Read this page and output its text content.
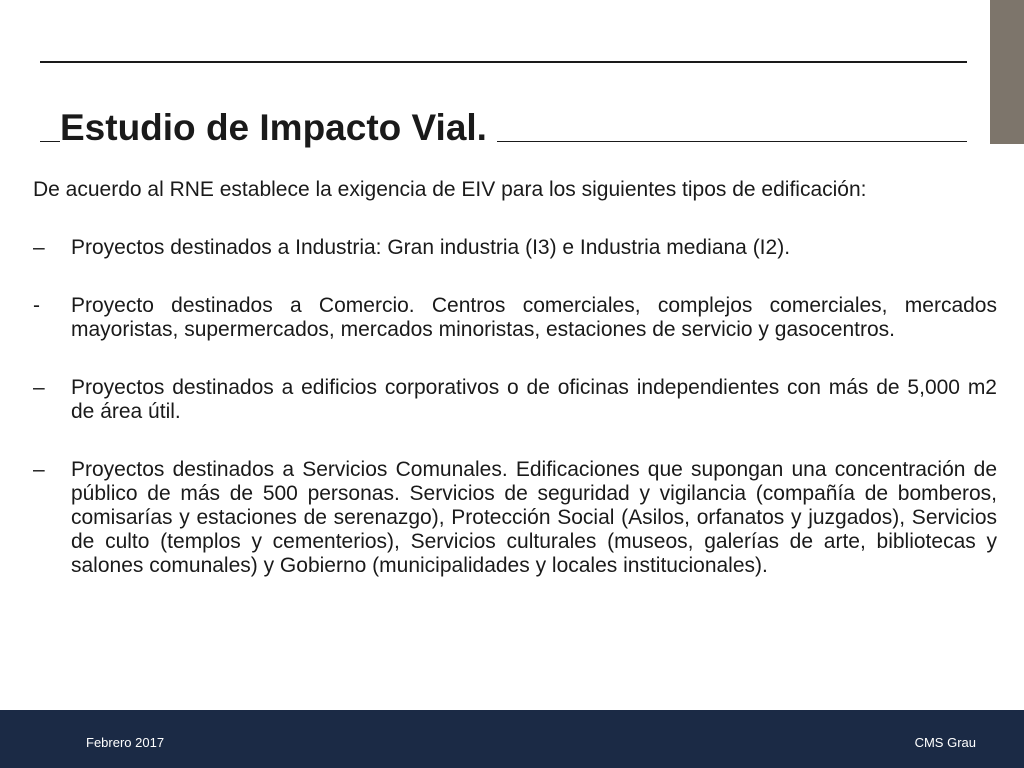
Estudio de Impacto Vial.

De acuerdo al RNE establece la exigencia de EIV para los siguientes tipos de edificación:

–	Proyectos destinados a Industria: Gran industria (I3) e Industria mediana (I2).
-	Proyecto destinados a Comercio. Centros comerciales, complejos comerciales, mercados mayoristas, supermercados, mercados minoristas, estaciones de servicio y gasocentros.
–	Proyectos destinados a edificios corporativos o de oficinas independientes con más de 5,000 m2 de área útil.
–	Proyectos destinados a Servicios Comunales. Edificaciones que supongan una concentración de público de más de 500 personas. Servicios de seguridad y vigilancia (compañía de bomberos, comisarías y estaciones de serenazgo), Protección Social (Asilos, orfanatos y juzgados), Servicios de culto (templos y cementerios), Servicios culturales (museos, galerías de arte, bibliotecas y salones comunales) y Gobierno (municipalidades y locales institucionales).
Febrero 2017	CMS Grau
